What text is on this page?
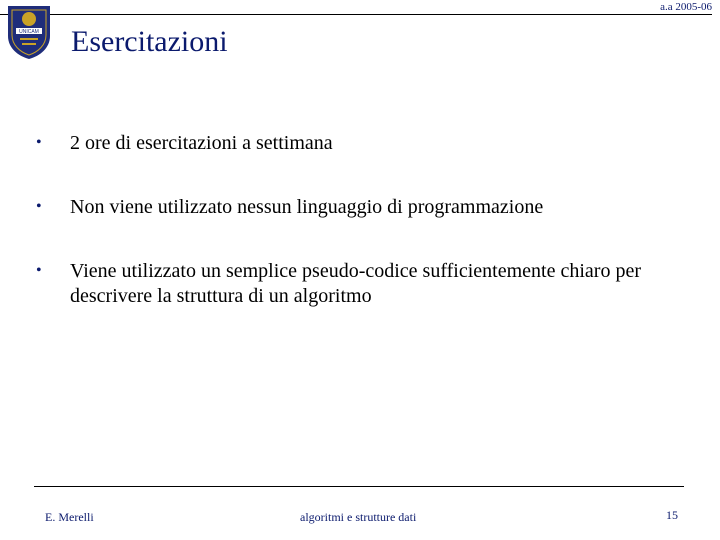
a.a 2005-06
UNICAM Esercitazioni
• 2 ore di esercitazioni a settimana
• Non viene utilizzato nessun linguaggio di programmazione
• Viene utilizzato un semplice pseudo-codice sufficientemente chiaro per descrivere la struttura di un algoritmo
E. Merelli	algoritmi e strutture dati	15
